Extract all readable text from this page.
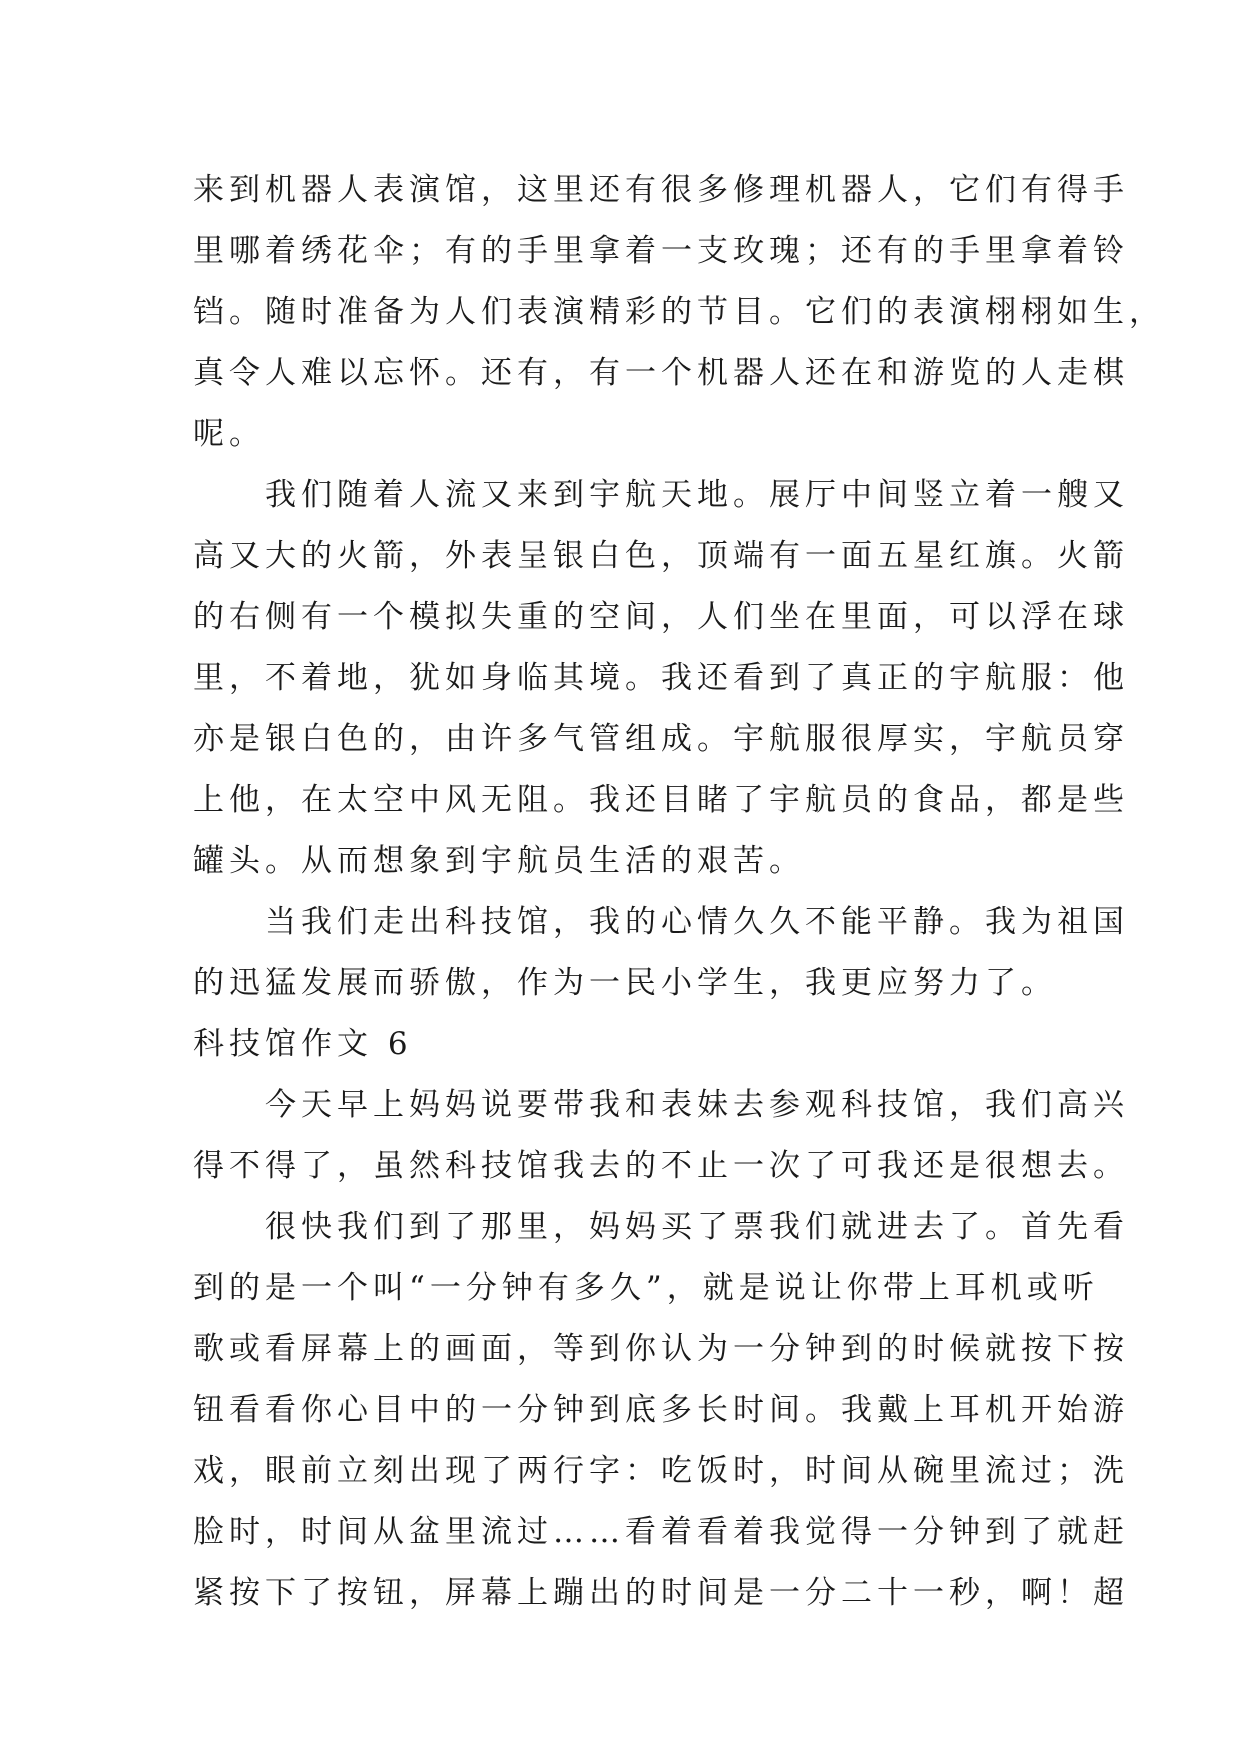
来到机器人表演馆，这里还有很多修理机器人，它们有得手
里哪着绣花伞；有的手里拿着一支玫瑰；还有的手里拿着铃
铛。随时准备为人们表演精彩的节目。它们的表演栩栩如生，
真令人难以忘怀。还有，有一个机器人还在和游览的人走棋
呢。
　　我们随着人流又来到宇航天地。展厅中间竖立着一艘又
高又大的火箭，外表呈银白色，顶端有一面五星红旗。火箭
的右侧有一个模拟失重的空间，人们坐在里面，可以浮在球
里，不着地，犹如身临其境。我还看到了真正的宇航服：他
亦是银白色的，由许多气管组成。宇航服很厚实，宇航员穿
上他，在太空中风无阻。我还目睹了宇航员的食品，都是些
罐头。从而想象到宇航员生活的艰苦。
　　当我们走出科技馆，我的心情久久不能平静。我为祖国
的迅猛发展而骄傲，作为一民小学生，我更应努力了。
科技馆作文 6
　　今天早上妈妈说要带我和表妹去参观科技馆，我们高兴
得不得了，虽然科技馆我去的不止一次了可我还是很想去。
　　很快我们到了那里，妈妈买了票我们就进去了。首先看
到的是一个叫“一分钟有多久”，就是说让你带上耳机或听
歌或看屏幕上的画面，等到你认为一分钟到的时候就按下按
钮看看你心目中的一分钟到底多长时间。我戴上耳机开始游
戏，眼前立刻出现了两行字：吃饭时，时间从碗里流过；洗
脸时，时间从盆里流过……看着看着我觉得一分钟到了就赶
紧按下了按钮，屏幕上蹦出的时间是一分二十一秒，啊！超
